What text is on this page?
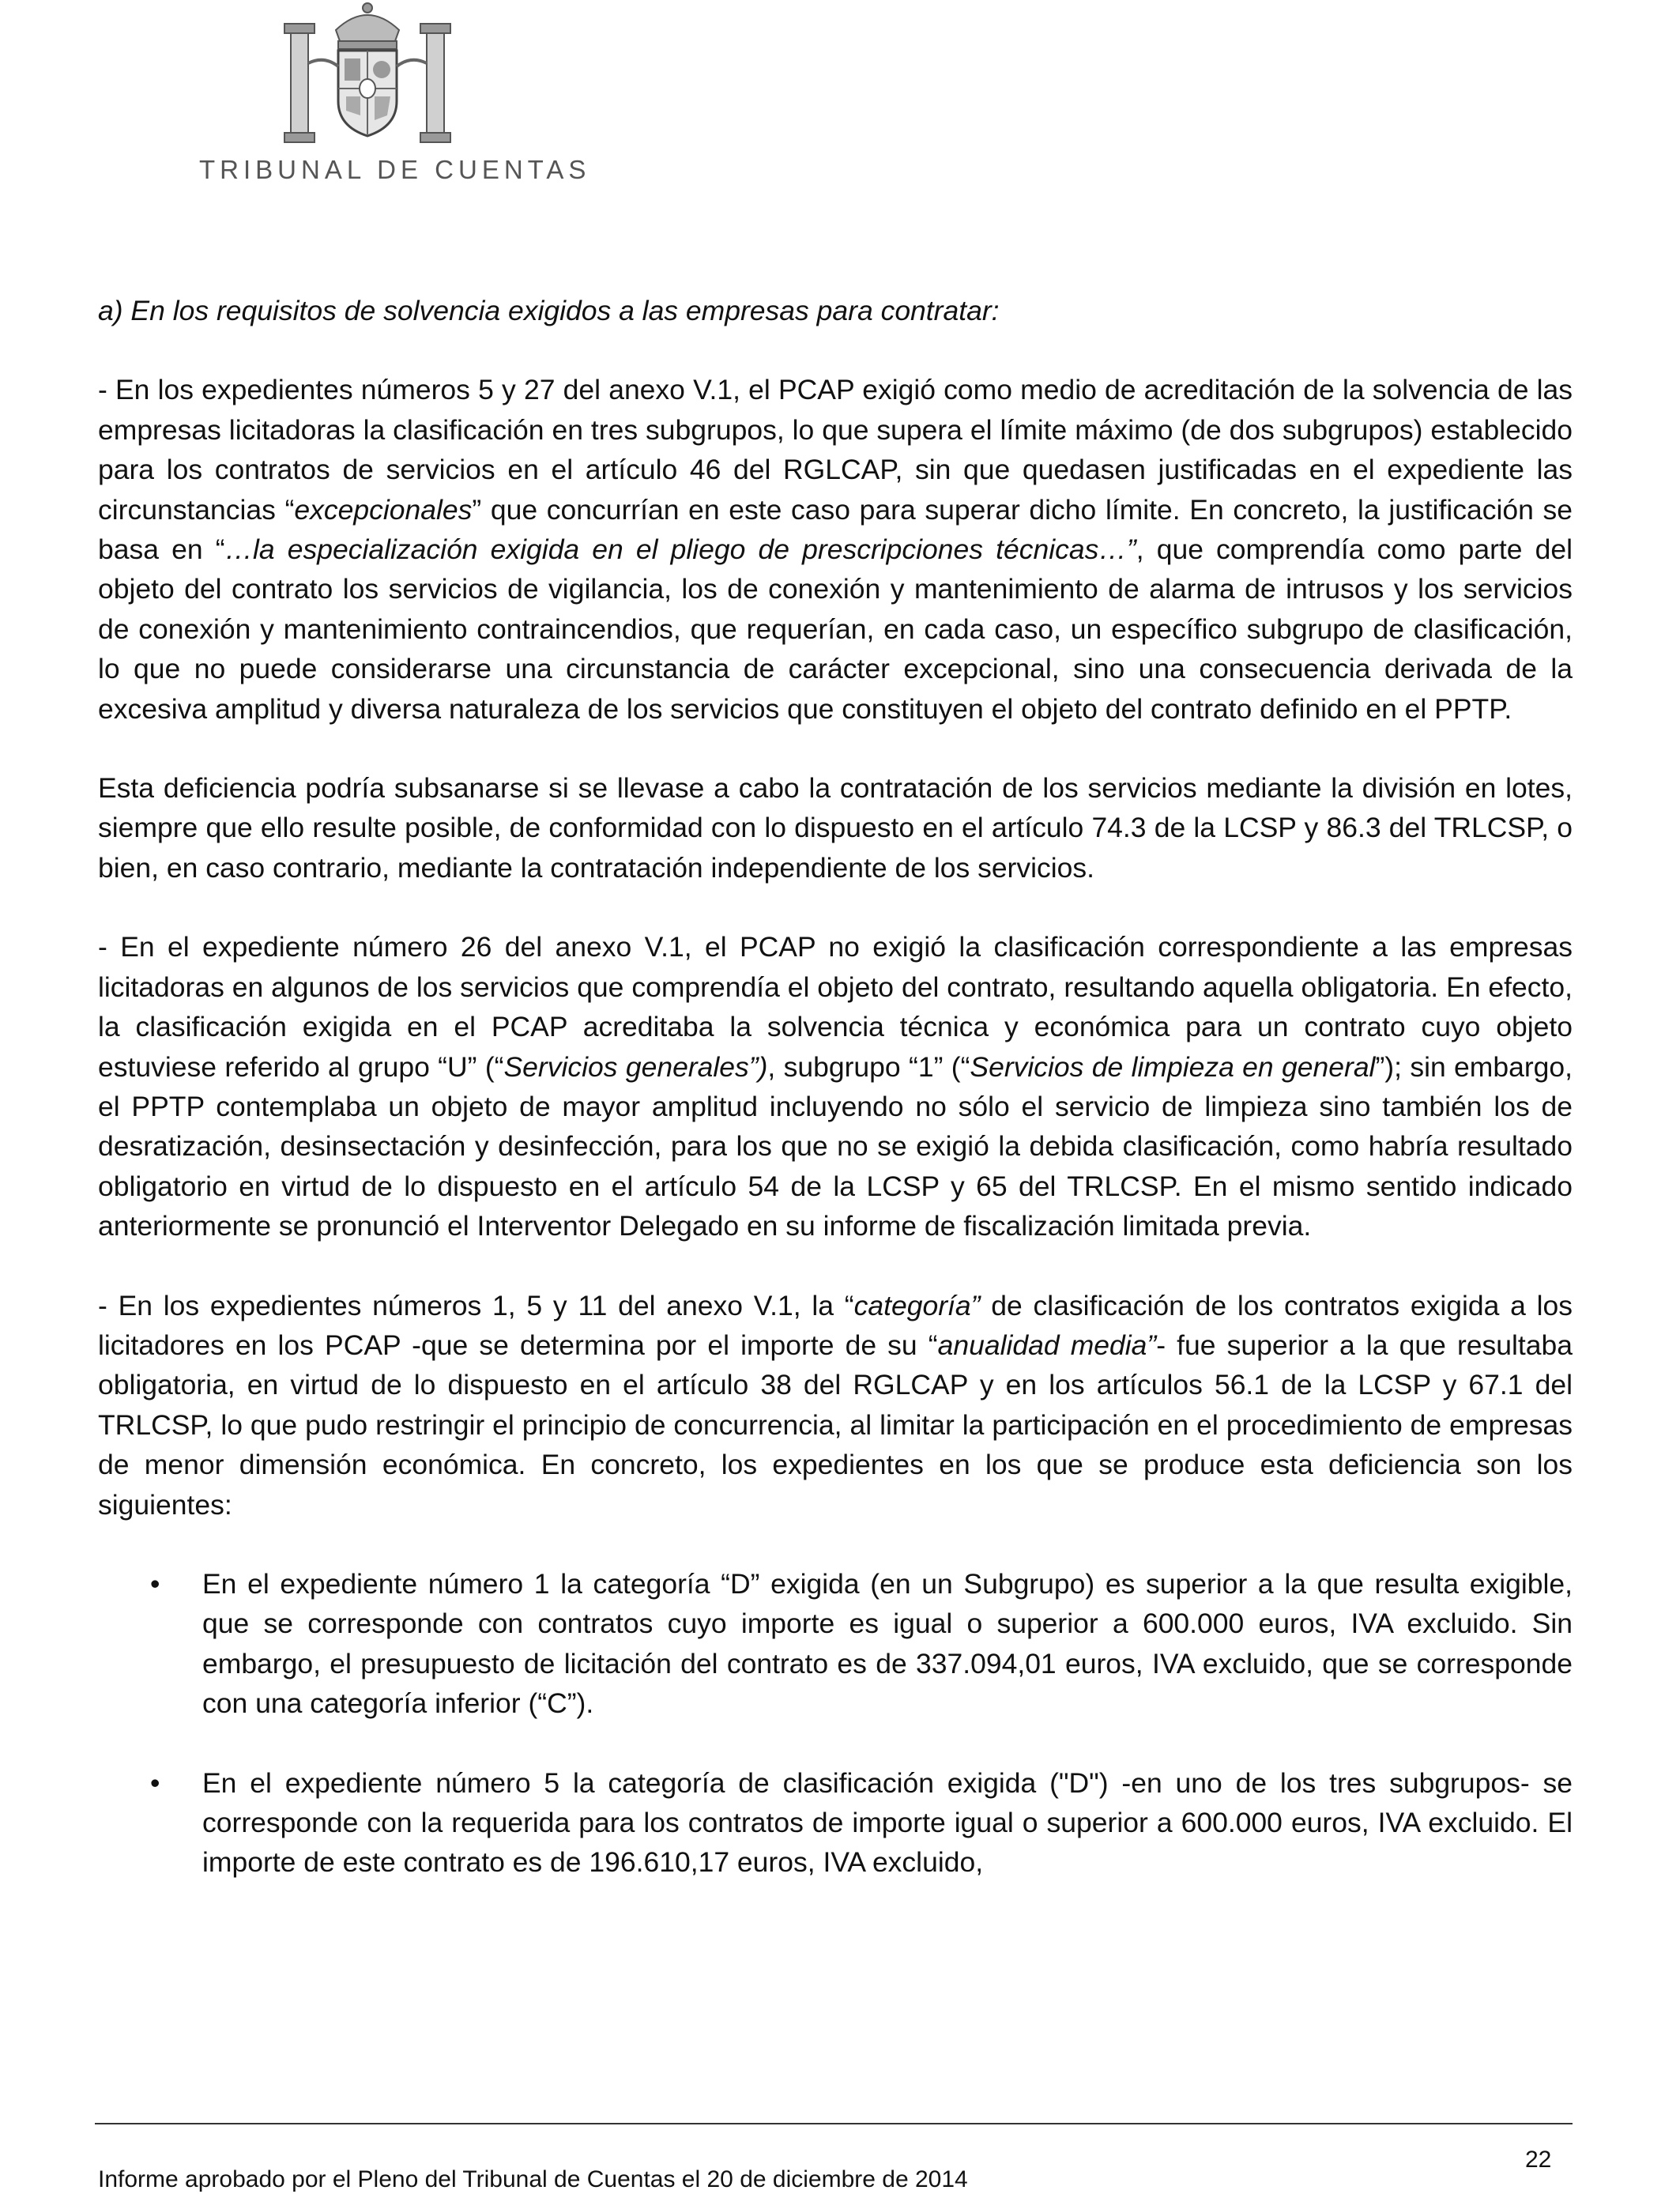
TRIBUNAL DE CUENTAS

a) En los requisitos de solvencia exigidos a las empresas para contratar:

- En los expedientes números 5 y 27 del anexo V.1, el PCAP exigió como medio de acreditación de la solvencia de las empresas licitadoras la clasificación en tres subgrupos, lo que supera el límite máximo (de dos subgrupos) establecido para los contratos de servicios en el artículo 46 del RGLCAP, sin que quedasen justificadas en el expediente las circunstancias “excepcionales” que concurrían en este caso para superar dicho límite. En concreto, la justificación se basa en “…la especialización exigida en el pliego de prescripciones técnicas…”, que comprendía como parte del objeto del contrato los servicios de vigilancia, los de conexión y mantenimiento de alarma de intrusos y los servicios de conexión y mantenimiento contraincendios, que requerían, en cada caso, un específico subgrupo de clasificación, lo que no puede considerarse una circunstancia de carácter excepcional, sino una consecuencia derivada de la excesiva amplitud y diversa naturaleza de los servicios que constituyen el objeto del contrato definido en el PPTP.

Esta deficiencia podría subsanarse si se llevase a cabo la contratación de los servicios mediante la división en lotes, siempre que ello resulte posible, de conformidad con lo dispuesto en el artículo 74.3 de la LCSP y 86.3 del TRLCSP, o bien, en caso contrario, mediante la contratación independiente de los servicios.

- En el expediente número 26 del anexo V.1, el PCAP no exigió la clasificación correspondiente a las empresas licitadoras en algunos de los servicios que comprendía el objeto del contrato, resultando aquella obligatoria. En efecto, la clasificación exigida en el PCAP acreditaba la solvencia técnica y económica para un contrato cuyo objeto estuviese referido al grupo “U” (“Servicios generales”), subgrupo “1” (“Servicios de limpieza en general”); sin embargo, el PPTP contemplaba un objeto de mayor amplitud incluyendo no sólo el servicio de limpieza sino también los de desratización, desinsectación y desinfección, para los que no se exigió la debida clasificación, como habría resultado obligatorio en virtud de lo dispuesto en el artículo 54 de la LCSP y 65 del TRLCSP. En el mismo sentido indicado anteriormente se pronunció el Interventor Delegado en su informe de fiscalización limitada previa.

- En los expedientes números 1, 5 y 11 del anexo V.1, la “categoría” de clasificación de los contratos exigida a los licitadores en los PCAP -que se determina por el importe de su “anualidad media”- fue superior a la que resultaba obligatoria, en virtud de lo dispuesto en el artículo 38 del RGLCAP y en los artículos 56.1 de la LCSP y 67.1 del TRLCSP, lo que pudo restringir el principio de concurrencia, al limitar la participación en el procedimiento de empresas de menor dimensión económica. En concreto, los expedientes en los que se produce esta deficiencia son los siguientes:

• En el expediente número 1 la categoría “D” exigida (en un Subgrupo) es superior a la que resulta exigible, que se corresponde con contratos cuyo importe es igual o superior a 600.000 euros, IVA excluido. Sin embargo, el presupuesto de licitación del contrato es de 337.094,01 euros, IVA excluido, que se corresponde con una categoría inferior (“C”).
• En el expediente número 5 la categoría de clasificación exigida ("D") -en uno de los tres subgrupos- se corresponde con la requerida para los contratos de importe igual o superior a 600.000 euros, IVA excluido. El importe de este contrato es de 196.610,17 euros, IVA excluido,
22
Informe aprobado por el Pleno del Tribunal de Cuentas el 20 de diciembre de 2014
